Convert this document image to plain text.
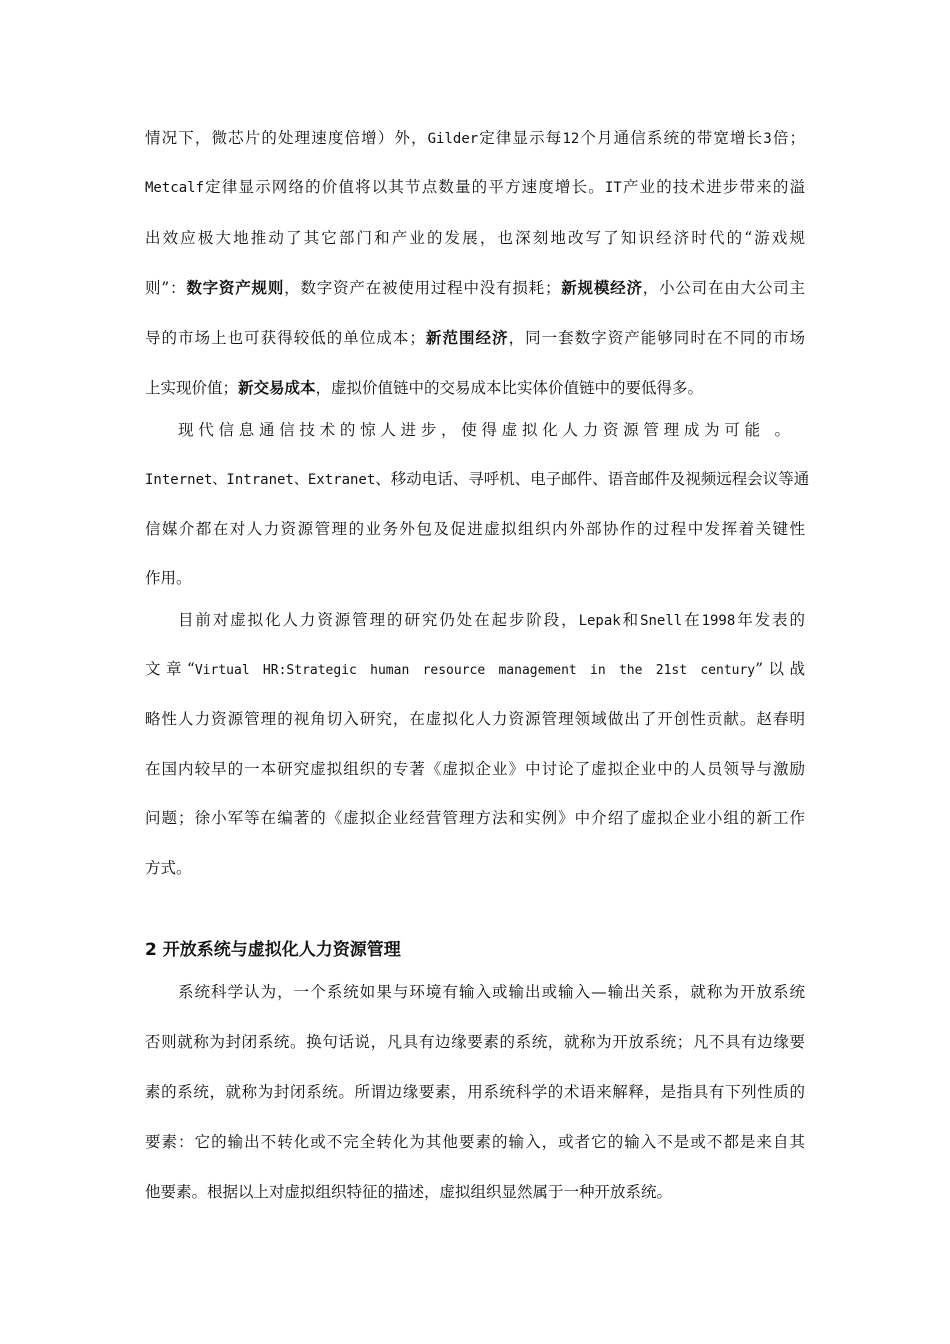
情况下，微芯片的处理速度倍增）外，Gilder定律显示每12个月通信系统的带宽增长3倍；
Metcalf定律显示网络的价值将以其节点数量的平方速度增长。IT产业的技术进步带来的溢
出效应极大地推动了其它部门和产业的发展，也深刻地改写了知识经济时代的“游戏规
则”：数字资产规则，数字资产在被使用过程中没有损耗；新规模经济，小公司在由大公司主
导的市场上也可获得较低的单位成本；新范围经济，同一套数字资产能够同时在不同的市场
上实现价值；新交易成本，虚拟价值链中的交易成本比实体价值链中的要低得多。
现代信息通信技术的惊人进步，使得虚拟化人力资源管理成为可能 。
Internet、Intranet、Extranet、移动电话、寻呼机、电子邮件、语音邮件及视频远程会议等通
信媒介都在对人力资源管理的业务外包及促进虚拟组织内外部协作的过程中发挥着关键性
作用。
目前对虚拟化人力资源管理的研究仍处在起步阶段，Lepak和Snell在1998年发表的
文章“Virtual HR:Strategic human resource management in the 21st century”以战
略性人力资源管理的视角切入研究，在虚拟化人力资源管理领域做出了开创性贡献。赵春明
在国内较早的一本研究虚拟组织的专著《虚拟企业》中讨论了虚拟企业中的人员领导与激励
问题；徐小军等在编著的《虚拟企业经营管理方法和实例》中介绍了虚拟企业小组的新工作
方式。
2 开放系统与虚拟化人力资源管理
系统科学认为，一个系统如果与环境有输入或输出或输入—输出关系，就称为开放系统
否则就称为封闭系统。换句话说，凡具有边缘要素的系统，就称为开放系统；凡不具有边缘要
素的系统，就称为封闭系统。所谓边缘要素，用系统科学的术语来解释，是指具有下列性质的
要素：它的输出不转化或不完全转化为其他要素的输入，或者它的输入不是或不都是来自其
他要素。根据以上对虚拟组织特征的描述，虚拟组织显然属于一种开放系统。
